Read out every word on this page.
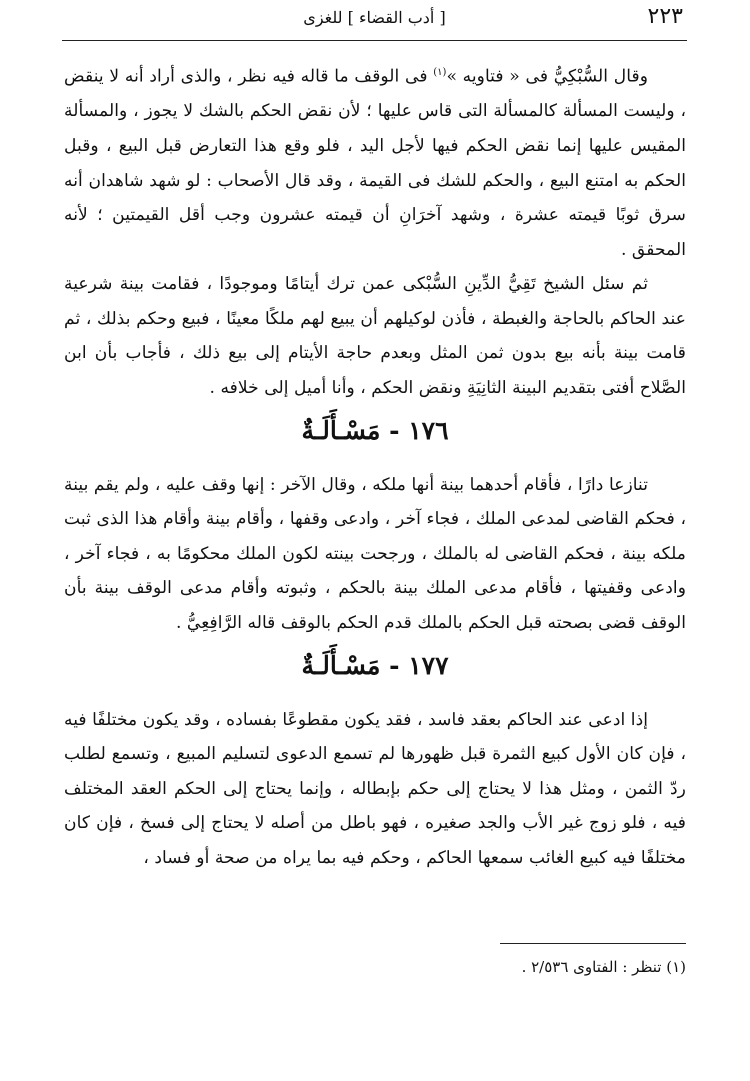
٢٢٣
[ أدب القضاء ] للغزى

وقال السُّبْكِيُّ فى « فتاويه »$^{(١)}$ فى الوقف ما قاله فيه نظر ، والذى أراد أنه لا ينقض ، وليست المسألة كالمسألة التى قاس عليها ؛ لأن نقض الحكم بالشك لا يجوز ، والمسألة المقيس عليها إنما نقض الحكم فيها لأجل اليد ، فلو وقع هذا التعارض قبل البيع ، وقبل الحكم به امتنع البيع ، والحكم للشك فى القيمة ، وقد قال الأصحاب : لو شهد شاهدان أنه سرق ثوبًا قيمته عشرة ، وشهد آخرَانِ أن قيمته عشرون وجب أقل القيمتين ؛ لأنه المحقق .

ثم سئل الشيخ تَقِيُّ الدِّينِ السُّبْكى عمن ترك أيتامًا وموجودًا ، فقامت بينة شرعية عند الحاكم بالحاجة والغبطة ، فأذن لوكيلهم أن يبيع لهم ملكًا معينًا ، فبيع وحكم بذلك ، ثم قامت بينة بأنه بيع بدون ثمن المثل وبعدم حاجة الأيتام إلى بيع ذلك ، فأجاب بأن ابن الصَّلاح أفتى بتقديم البينة الثانِيَةِ ونقض الحكم ، وأنا أميل إلى خلافه .

١٧٦ - مَسْـأَلَـةٌ

تنازعا دارًا ، فأقام أحدهما بينة أنها ملكه ، وقال الآخر : إنها وقف عليه ، ولم يقم بينة ، فحكم القاضى لمدعى الملك ، فجاء آخر ، وادعى وقفها ، وأقام بينة وأقام هذا الذى ثبت ملكه بينة ، فحكم القاضى له بالملك ، ورجحت بينته لكون الملك محكومًا به ، فجاء آخر ، وادعى وقفيتها ، فأقام مدعى الملك بينة بالحكم ، وثبوته وأقام مدعى الوقف بينة بأن الوقف قضى بصحته قبل الحكم بالملك قدم الحكم بالوقف قاله الرَّافِعِيُّ .

١٧٧ - مَسْـأَلَـةٌ

إذا ادعى عند الحاكم بعقد فاسد ، فقد يكون مقطوعًا بفساده ، وقد يكون مختلفًا فيه ، فإن كان الأول كبيع الثمرة قبل ظهورها لم تسمع الدعوى لتسليم المبيع ، وتسمع لطلب ردّ الثمن ، ومثل هذا لا يحتاج إلى حكم بإبطاله ، وإنما يحتاج إلى الحكم العقد المختلف فيه ، فلو زوج غير الأب والجد صغيره ، فهو باطل من أصله لا يحتاج إلى فسخ ، فإن كان مختلفًا فيه كبيع الغائب سمعها الحاكم ، وحكم فيه بما يراه من صحة أو فساد ،

(١) تنظر : الفتاوى ٢/٥٣٦ .
